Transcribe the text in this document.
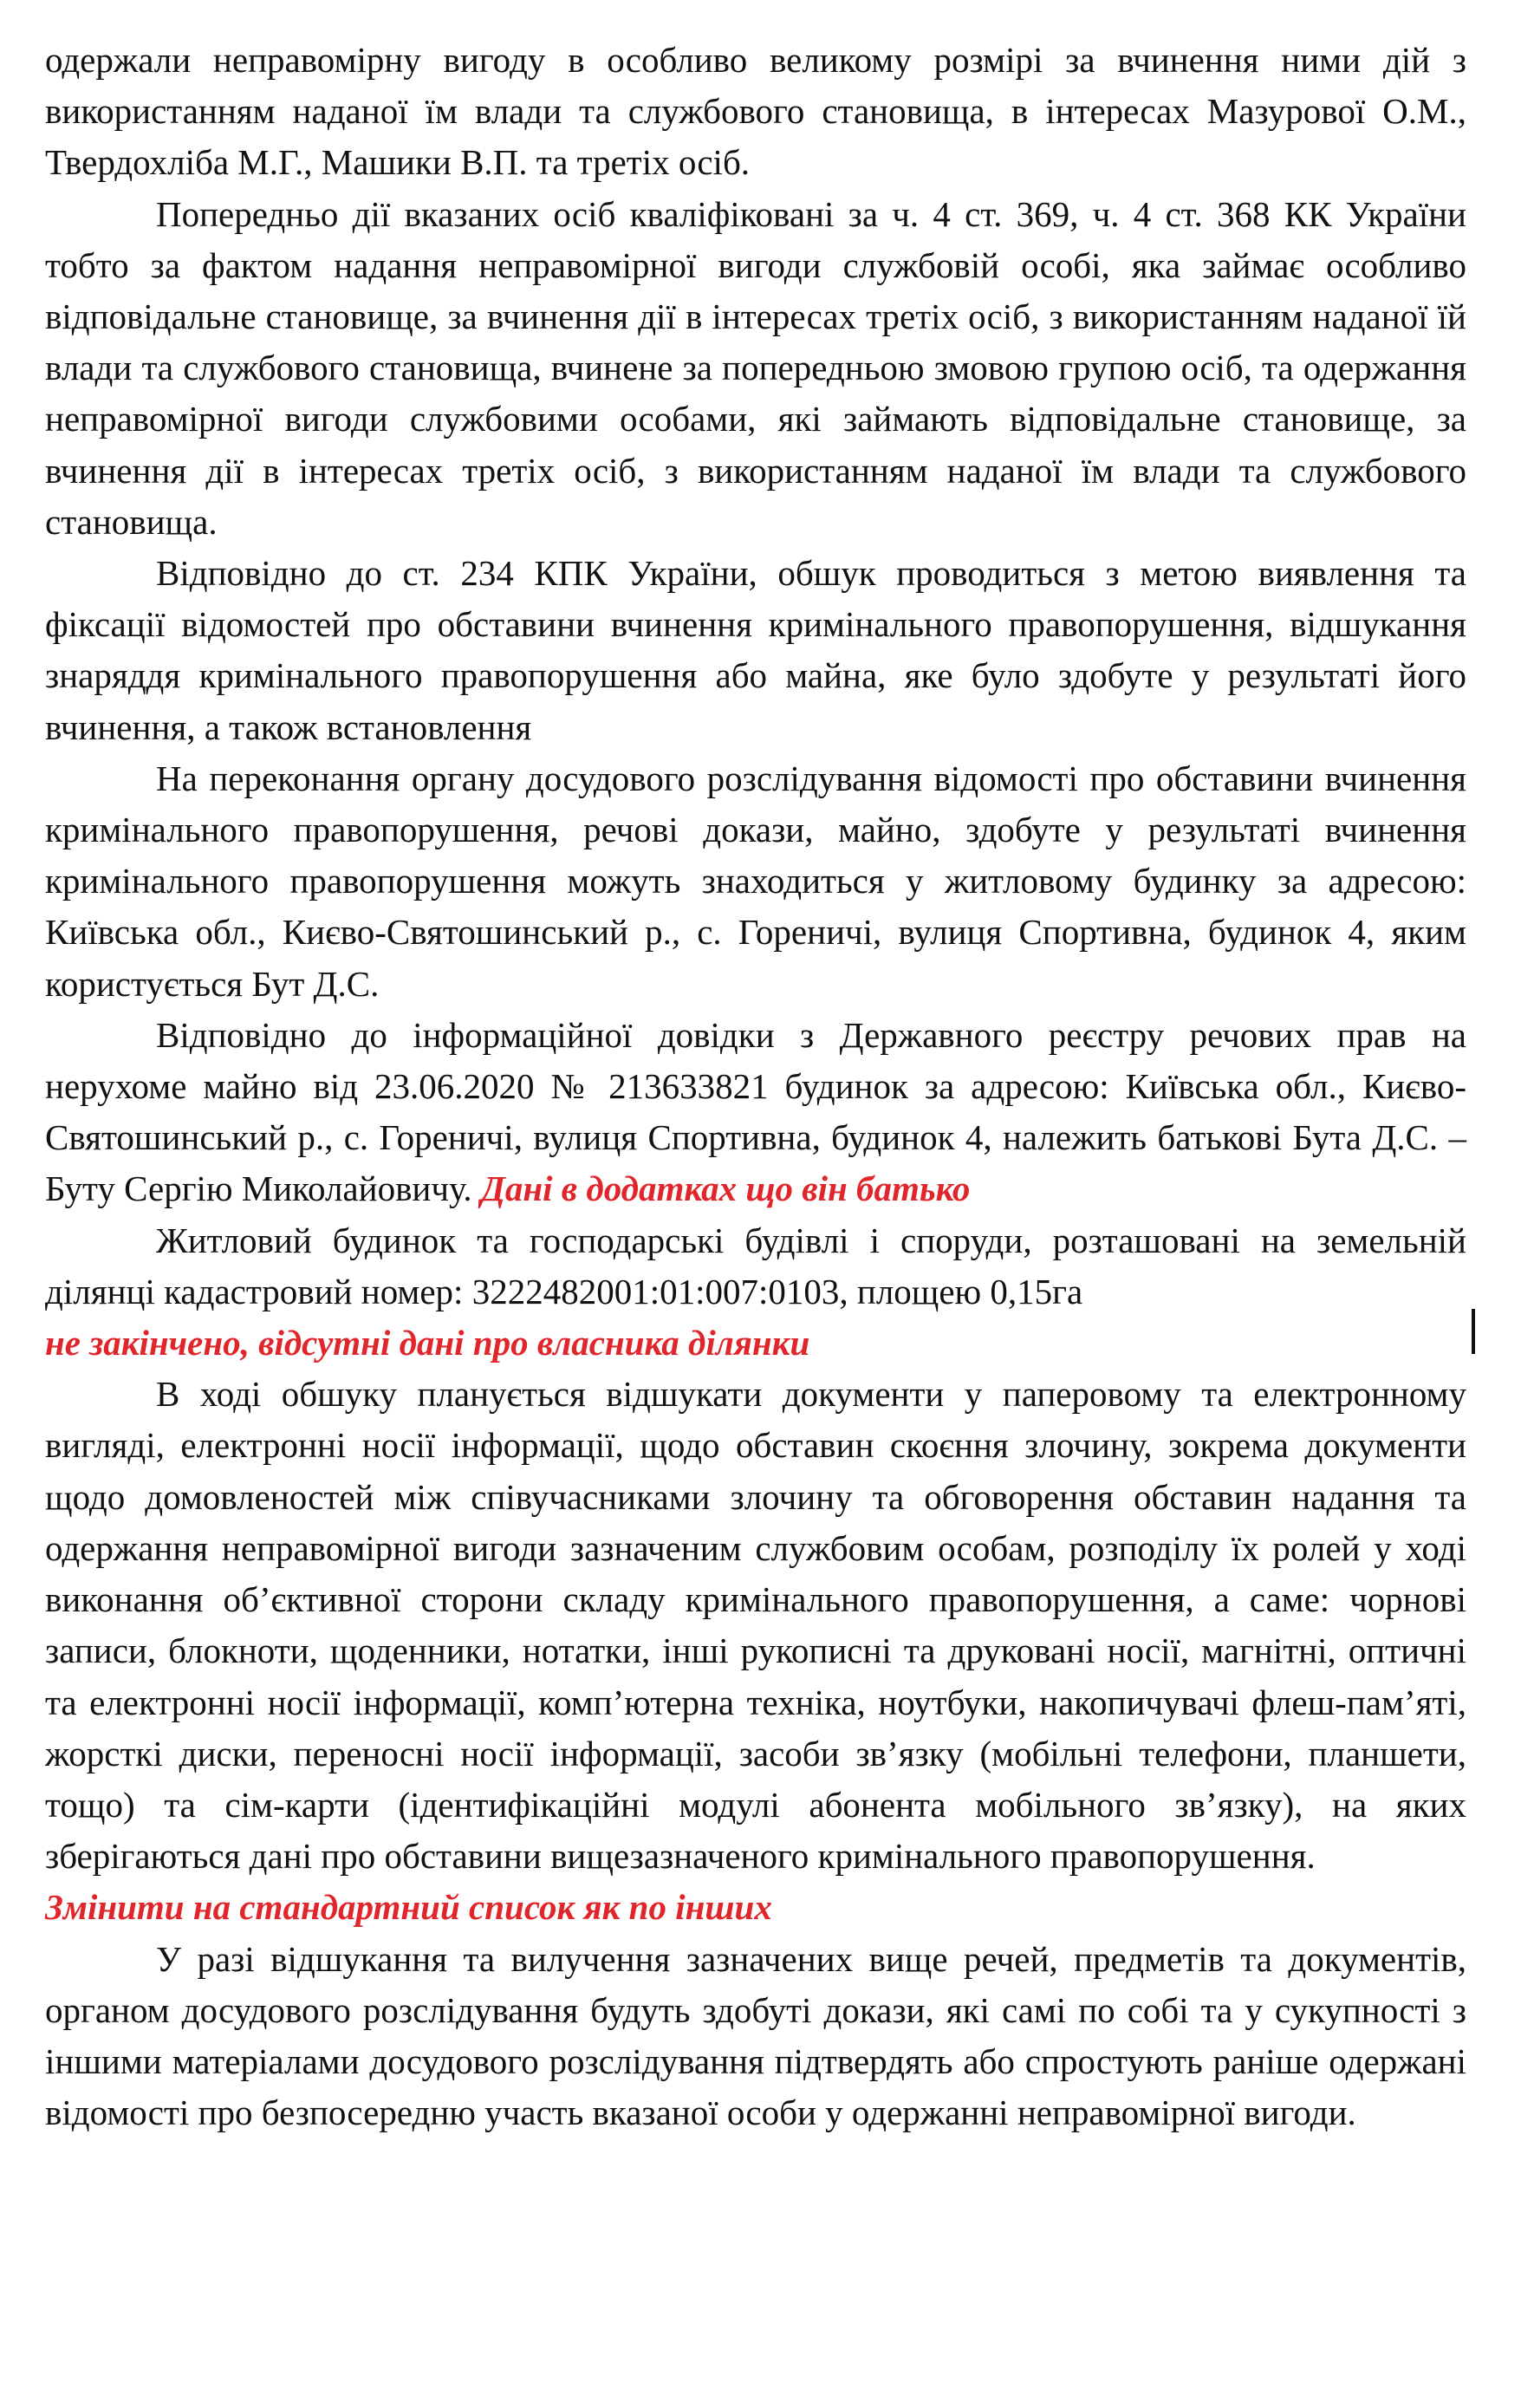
одержали неправомірну вигоду в особливо великому розмірі за вчинення ними дій з використанням наданої їм влади та службового становища, в інтересах Мазурової О.М., Твердохліба М.Г., Машики В.П. та третіх осіб.

Попередньо дії вказаних осіб кваліфіковані за ч. 4 ст. 369, ч. 4 ст. 368 КК України тобто за фактом надання неправомірної вигоди службовій особі, яка займає особливо відповідальне становище, за вчинення дії в інтересах третіх осіб, з використанням наданої їй влади та службового становища, вчинене за попередньою змовою групою осіб, та одержання неправомірної вигоди службовими особами, які займають відповідальне становище, за вчинення дії в інтересах третіх осіб, з використанням наданої їм влади та службового становища.

Відповідно до ст. 234 КПК України, обшук проводиться з метою виявлення та фіксації відомостей про обставини вчинення кримінального правопорушення, відшукання знаряддя кримінального правопорушення або майна, яке було здобуте у результаті його вчинення, а також встановлення

На переконання органу досудового розслідування відомості про обставини вчинення кримінального правопорушення, речові докази, майно, здобуте у результаті вчинення кримінального правопорушення можуть знаходиться у житловому будинку за адресою: Київська обл., Києво-Святошинський р., с. Гореничі, вулиця Спортивна, будинок 4, яким користується Бут Д.С.

Відповідно до інформаційної довідки з Державного реєстру речових прав на нерухоме майно від 23.06.2020 № 213633821 будинок за адресою: Київська обл., Києво-Святошинський р., с. Гореничі, вулиця Спортивна, будинок 4, належить батькові Бута Д.С. – Буту Сергію Миколайовичу. Дані в додатках що він батько

Житловий будинок та господарські будівлі і споруди, розташовані на земельній ділянці кадастровий номер: 3222482001:01:007:0103, площею 0,15га

не закінчено, відсутні дані про власника ділянки

В ході обшуку планується відшукати документи у паперовому та електронному вигляді, електронні носії інформації, щодо обставин скоєння злочину, зокрема документи щодо домовленостей між співучасниками злочину та обговорення обставин надання та одержання неправомірної вигоди зазначеним службовим особам, розподілу їх ролей у ході виконання об’єктивної сторони складу кримінального правопорушення, а саме: чорнові записи, блокноти, щоденники, нотатки, інші рукописні та друковані носії, магнітні, оптичні та електронні носії інформації, комп’ютерна техніка, ноутбуки, накопичувачі флеш-пам’яті, жорсткі диски, переносні носії інформації, засоби зв’язку (мобільні телефони, планшети, тощо) та сім-карти (ідентифікаційні модулі абонента мобільного зв’язку), на яких зберігаються дані про обставини вищезазначеного кримінального правопорушення.

Змінити на стандартний список як по інших

У разі відшукання та вилучення зазначених вище речей, предметів та документів, органом досудового розслідування будуть здобуті докази, які самі по собі та у сукупності з іншими матеріалами досудового розслідування підтвердять або спростують раніше одержані відомості про безпосередню участь вказаної особи у одержанні неправомірної вигоди.
